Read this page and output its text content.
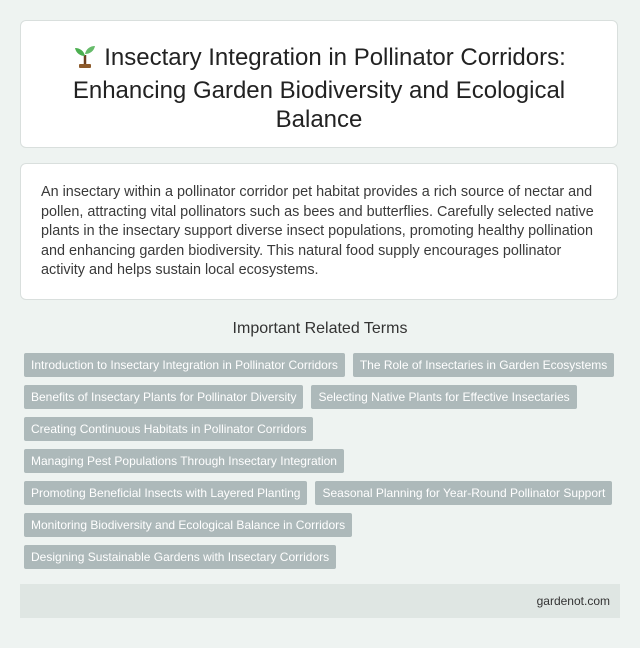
Insectary Integration in Pollinator Corridors: Enhancing Garden Biodiversity and Ecological Balance

An insectary within a pollinator corridor pet habitat provides a rich source of nectar and pollen, attracting vital pollinators such as bees and butterflies. Carefully selected native plants in the insectary support diverse insect populations, promoting healthy pollination and enhancing garden biodiversity. This natural food supply encourages pollinator activity and helps sustain local ecosystems.

Important Related Terms
Introduction to Insectary Integration in Pollinator Corridors	The Role of Insectaries in Garden Ecosystems
Benefits of Insectary Plants for Pollinator Diversity	Selecting Native Plants for Effective Insectaries
Creating Continuous Habitats in Pollinator Corridors
Managing Pest Populations Through Insectary Integration
Promoting Beneficial Insects with Layered Planting	Seasonal Planning for Year-Round Pollinator Support
Monitoring Biodiversity and Ecological Balance in Corridors
Designing Sustainable Gardens with Insectary Corridors
gardenot.com
